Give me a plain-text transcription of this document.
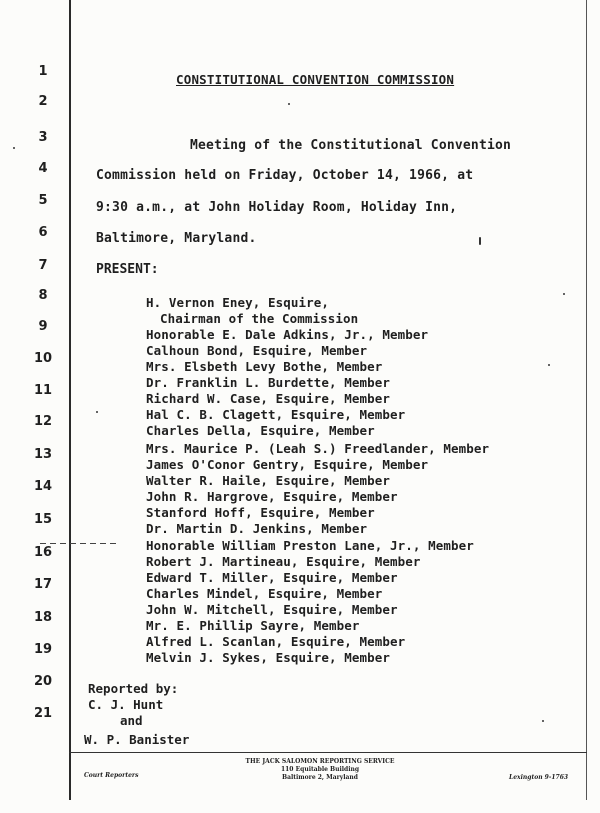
1
2
3
4
5
6
7
8
9
10
11
12
13
14
15
16
17
18
19
20
21
CONSTITUTIONAL CONVENTION COMMISSION
Meeting of the Constitutional Convention
Commission held on Friday, October 14, 1966, at
9:30 a.m., at John Holiday Room, Holiday Inn,
Baltimore, Maryland.
PRESENT:
H. Vernon Eney, Esquire,
Chairman of the Commission
Honorable E. Dale Adkins, Jr., Member
Calhoun Bond, Esquire, Member
Mrs. Elsbeth Levy Bothe, Member
Dr. Franklin L. Burdette, Member
Richard W. Case, Esquire, Member
Hal C. B. Clagett, Esquire, Member
Charles Della, Esquire, Member
Mrs. Maurice P. (Leah S.) Freedlander, Member
James O'Conor Gentry, Esquire, Member
Walter R. Haile, Esquire, Member
John R. Hargrove, Esquire, Member
Stanford Hoff, Esquire, Member
Dr. Martin D. Jenkins, Member
Honorable William Preston Lane, Jr., Member
Robert J. Martineau, Esquire, Member
Edward T. Miller, Esquire, Member
Charles Mindel, Esquire, Member
John W. Mitchell, Esquire, Member
Mr. E. Phillip Sayre, Member
Alfred L. Scanlan, Esquire, Member
Melvin J. Sykes, Esquire, Member
Reported by:
C. J. Hunt
and
W. P. Banister
THE JACK SALOMON REPORTING SERVICE
110 Equitable Building
Baltimore 2, Maryland
Court Reporters	Lexington 9-1763
